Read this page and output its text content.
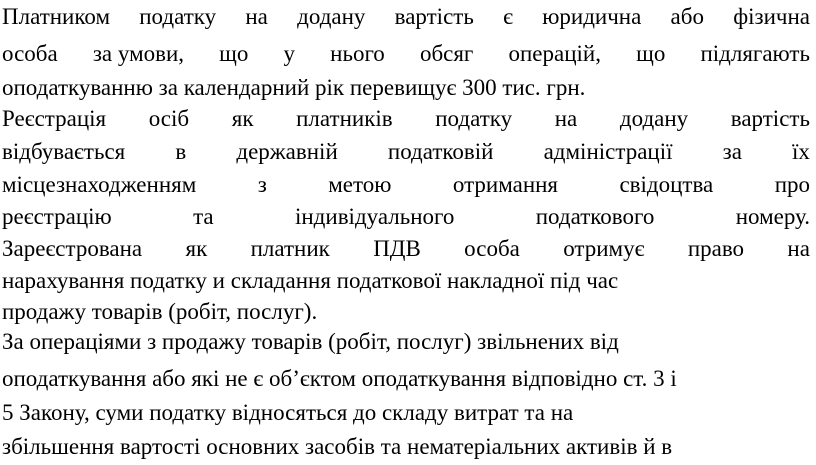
Платником податку на додану вартість є юридична або фізична
особа за умови, що у нього обсяг операцій, що підлягають
оподаткуванню за календарний рік перевищує 300 тис. грн.
Реєстрація осіб як платників податку на додану вартість
відбувається в державній податковій адміністрації за їх
місцезнаходженням	з	метою	отримання	свідоцтва	про
реєстрацію	та	індивідуального	податкового	номеру.
Зареєстрована як платник ПДВ особа отримує право на
нарахування податку и складання податкової накладної під час
продажу товарів (робіт, послуг).
За операціями з продажу товарів (робіт, послуг) звільнених від
оподаткування або які не є об’єктом оподаткування відповідно ст. 3 і
5 Закону, суми податку відносяться до складу витрат та на
збільшення вартості основних засобів та нематеріальних активів й в
